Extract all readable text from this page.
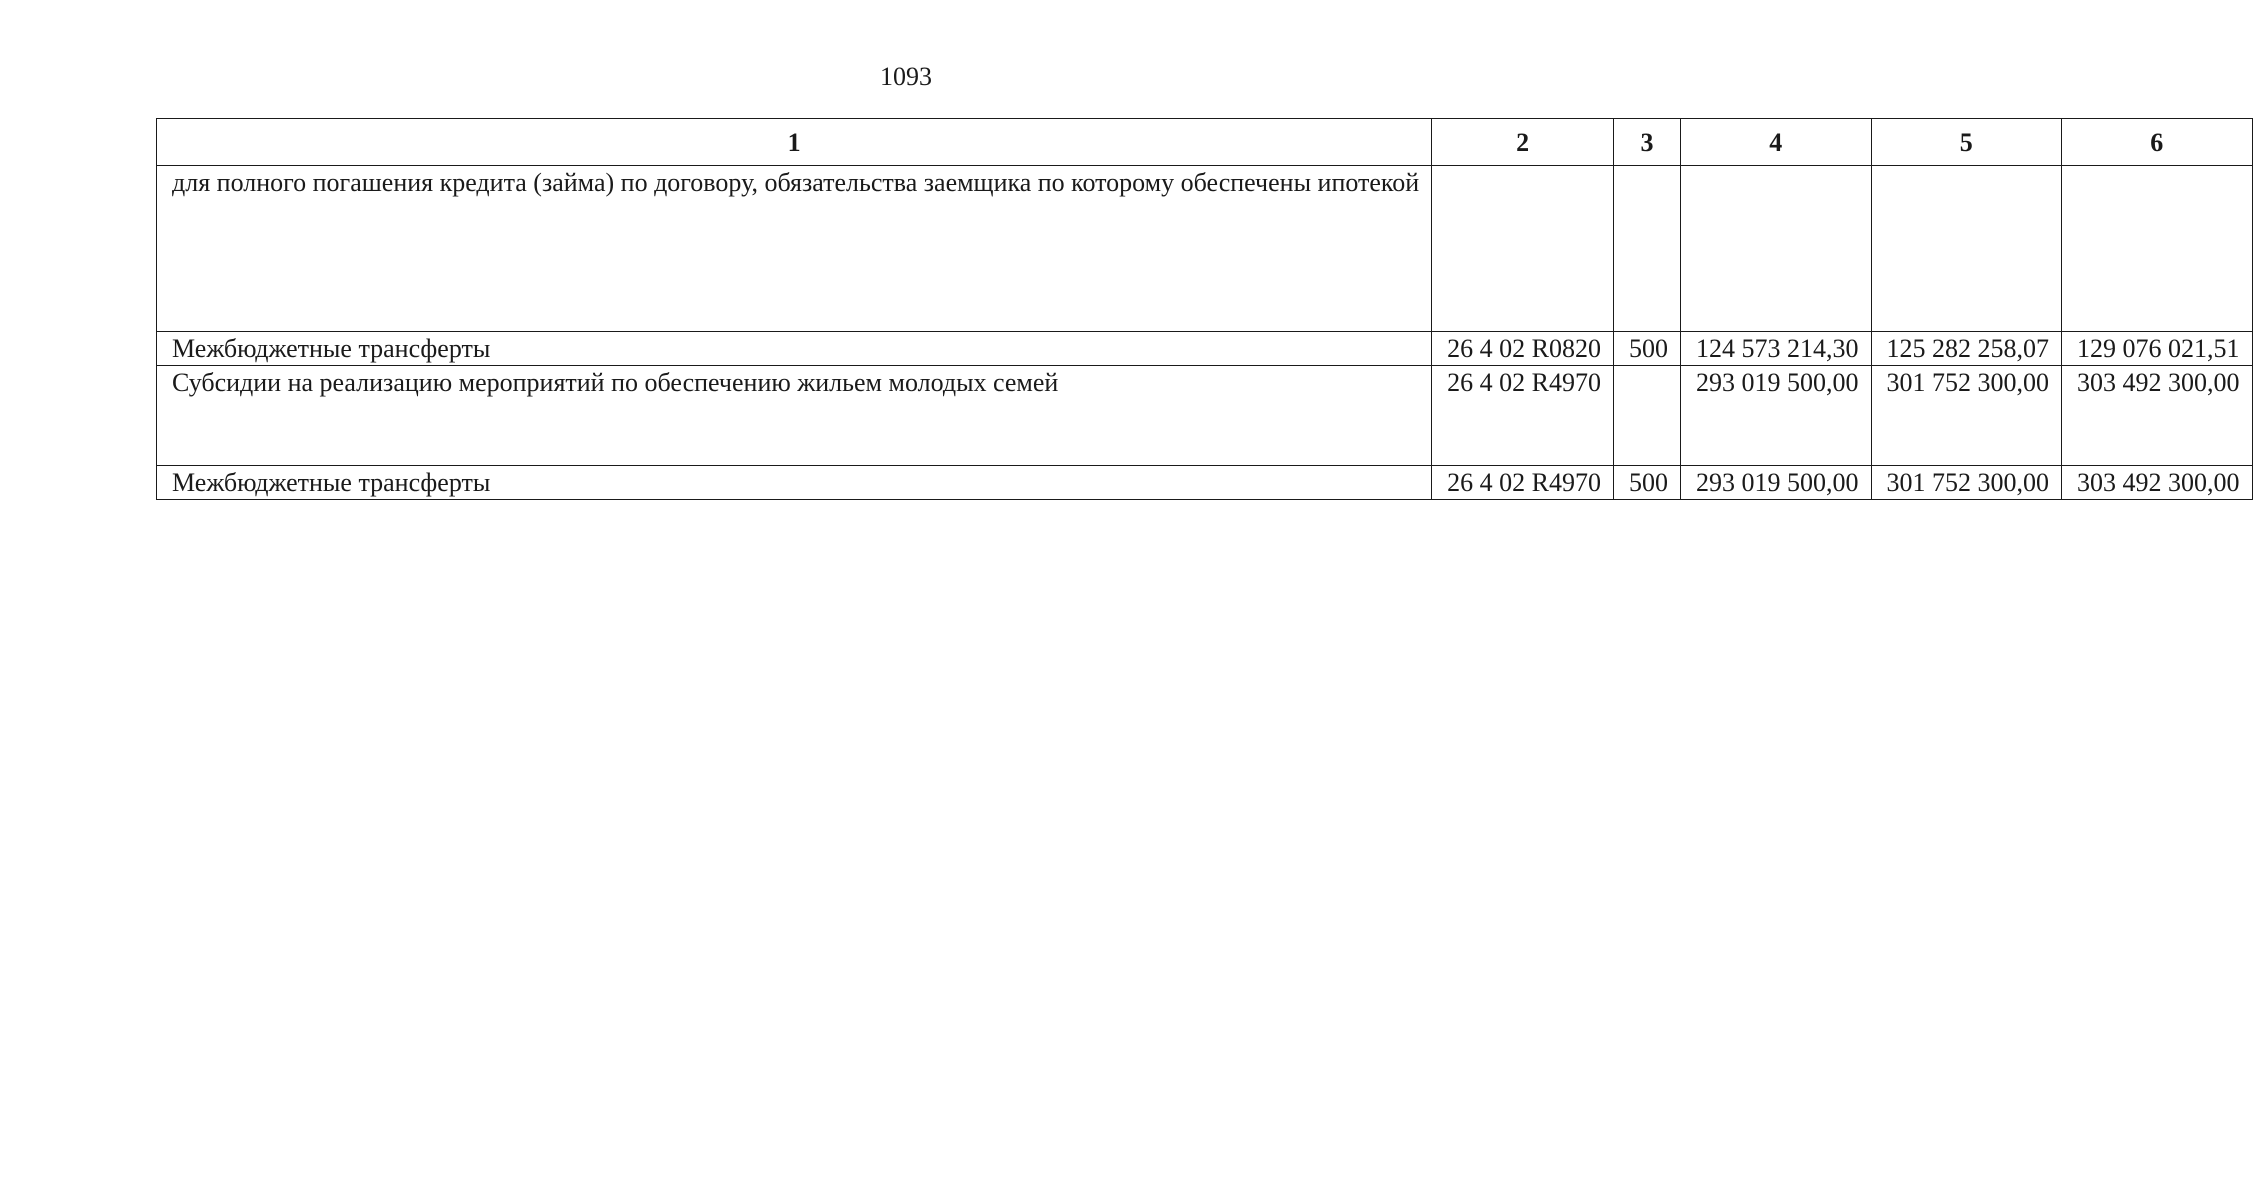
1093
1	2	3	4	5	6
для полного погашения кредита (займа) по договору, обязательства заемщика по которому обеспечены ипотекой					
Межбюджетные трансферты	26 4 02 R0820	500	124 573 214,30	125 282 258,07	129 076 021,51
Субсидии на реализацию мероприятий по обеспечению жильем молодых семей	26 4 02 R4970		293 019 500,00	301 752 300,00	303 492 300,00
Межбюджетные трансферты	26 4 02 R4970	500	293 019 500,00	301 752 300,00	303 492 300,00
